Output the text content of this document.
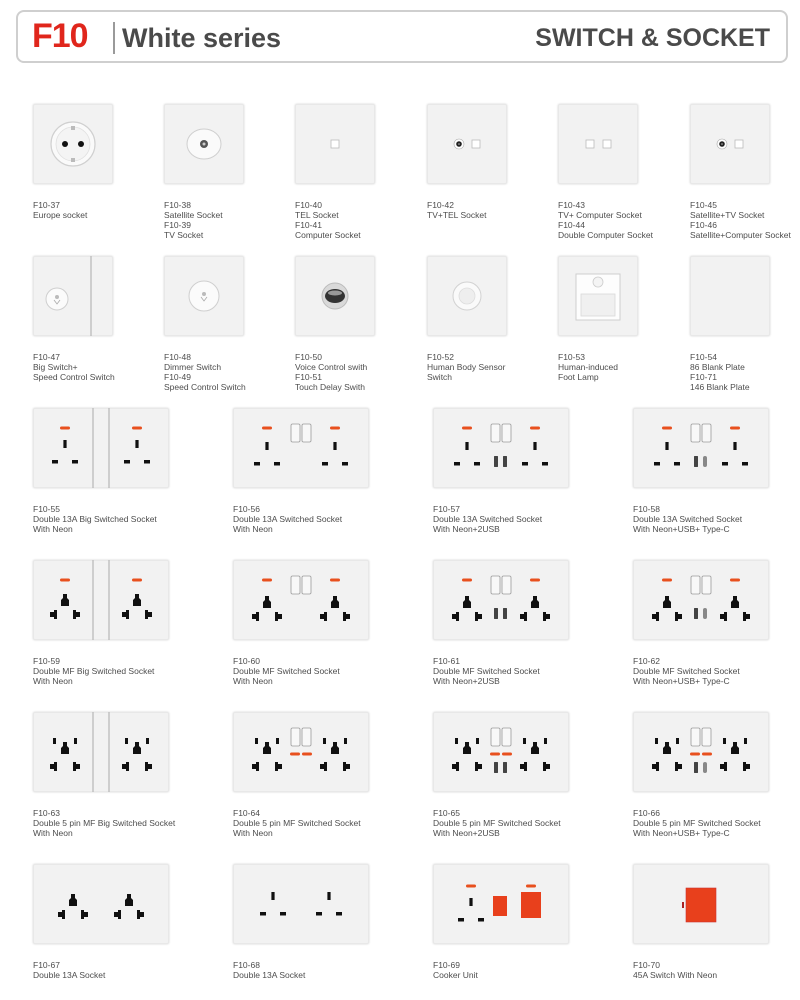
F10 White series	SWITCH & SOCKET
F10-37
Europe socket
F10-38
Satellite Socket
F10-39
TV Socket
F10-40
TEL Socket
F10-41
Computer Socket
F10-42
TV+TEL Socket
F10-43
TV+ Computer Socket
F10-44
Double Computer Socket
F10-45
Satellite+TV Socket
F10-46
Satellite+Computer Socket
F10-47
Big Switch+
Speed Control Switch
F10-48
Dimmer Switch
F10-49
Speed Control Switch
F10-50
Voice Control swith
F10-51
Touch Delay Swith
F10-52
Human Body Sensor
Switch
F10-53
Human-induced
Foot Lamp
F10-54
86 Blank Plate
F10-71
146 Blank Plate
F10-55
Double 13A Big Switched Socket
With Neon
F10-56
Double 13A Switched Socket
With Neon
F10-57
Double 13A Switched Socket
With Neon+2USB
F10-58
Double 13A Switched Socket
With Neon+USB+ Type-C
F10-59
Double MF Big Switched Socket
With Neon
F10-60
Double MF Switched Socket
With Neon
F10-61
Double MF Switched Socket
With Neon+2USB
F10-62
Double MF Switched Socket
With Neon+USB+ Type-C
F10-63
Double 5 pin MF Big Switched Socket
With Neon
F10-64
Double 5 pin MF Switched Socket
With Neon
F10-65
Double 5 pin MF Switched Socket
With Neon+2USB
F10-66
Double 5 pin MF Switched Socket
With Neon+USB+ Type-C
F10-67
Double 13A Socket
F10-68
Double 13A Socket
F10-69
Cooker Unit
F10-70
45A Switch With Neon
